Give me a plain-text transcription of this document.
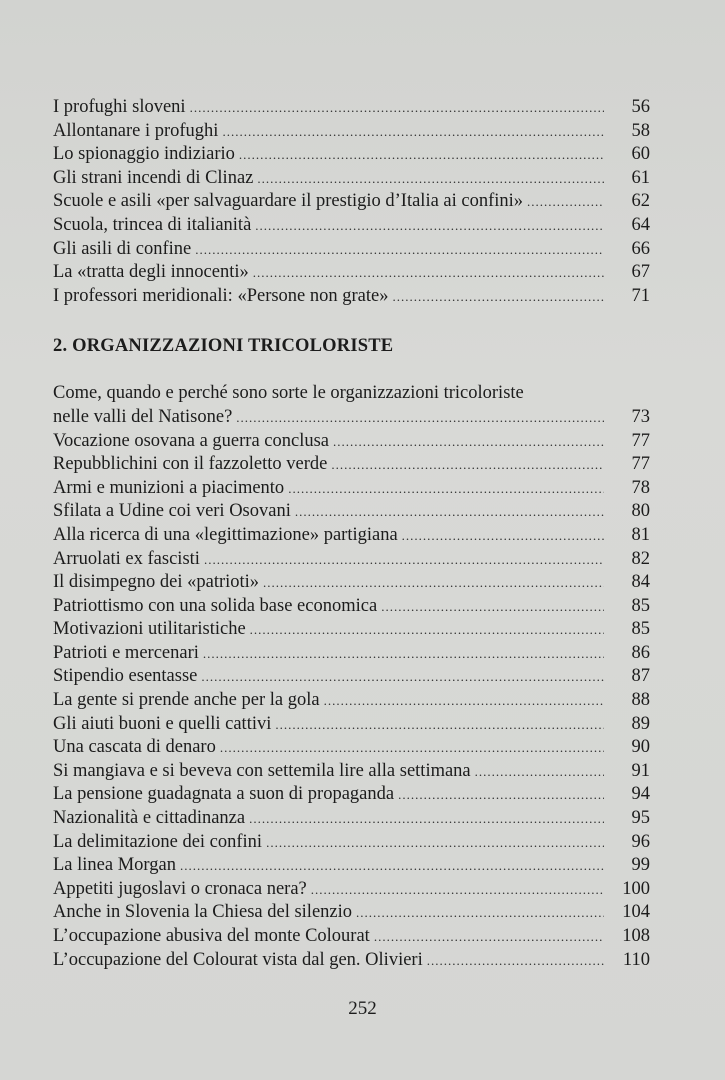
I profughi sloveni .....	56
Allontanare i profughi .....	58
Lo spionaggio indiziario .....	60
Gli strani incendi di Clinaz .....	61
Scuole e asili «per salvaguardare il prestigio d’Italia ai confini» .....	62
Scuola, trincea di italianità .....	64
Gli asili di confine .....	66
La «tratta degli innocenti» .....	67
I professori meridionali: «Persone non grate» .....	71
2. ORGANIZZAZIONI TRICOLORISTE
Come, quando e perché sono sorte le organizzazioni tricoloriste
nelle valli del Natisone? .....	73
Vocazione osovana a guerra conclusa .....	77
Repubblichini con il fazzoletto verde .....	77
Armi e munizioni a piacimento .....	78
Sfilata a Udine coi veri Osovani .....	80
Alla ricerca di una «legittimazione» partigiana .....	81
Arruolati ex fascisti .....	82
Il disimpegno dei «patrioti» .....	84
Patriottismo con una solida base economica .....	85
Motivazioni utilitaristiche .....	85
Patrioti e mercenari .....	86
Stipendio esentasse .....	87
La gente si prende anche per la gola .....	88
Gli aiuti buoni e quelli cattivi .....	89
Una cascata di denaro .....	90
Si mangiava e si beveva con settemila lire alla settimana .....	91
La pensione guadagnata a suon di propaganda .....	94
Nazionalità e cittadinanza .....	95
La delimitazione dei confini .....	96
La linea Morgan .....	99
Appetiti jugoslavi o cronaca nera? .....	100
Anche in Slovenia la Chiesa del silenzio .....	104
L’occupazione abusiva del monte Colourat .....	108
L’occupazione del Colourat vista dal gen. Olivieri .....	110
252
